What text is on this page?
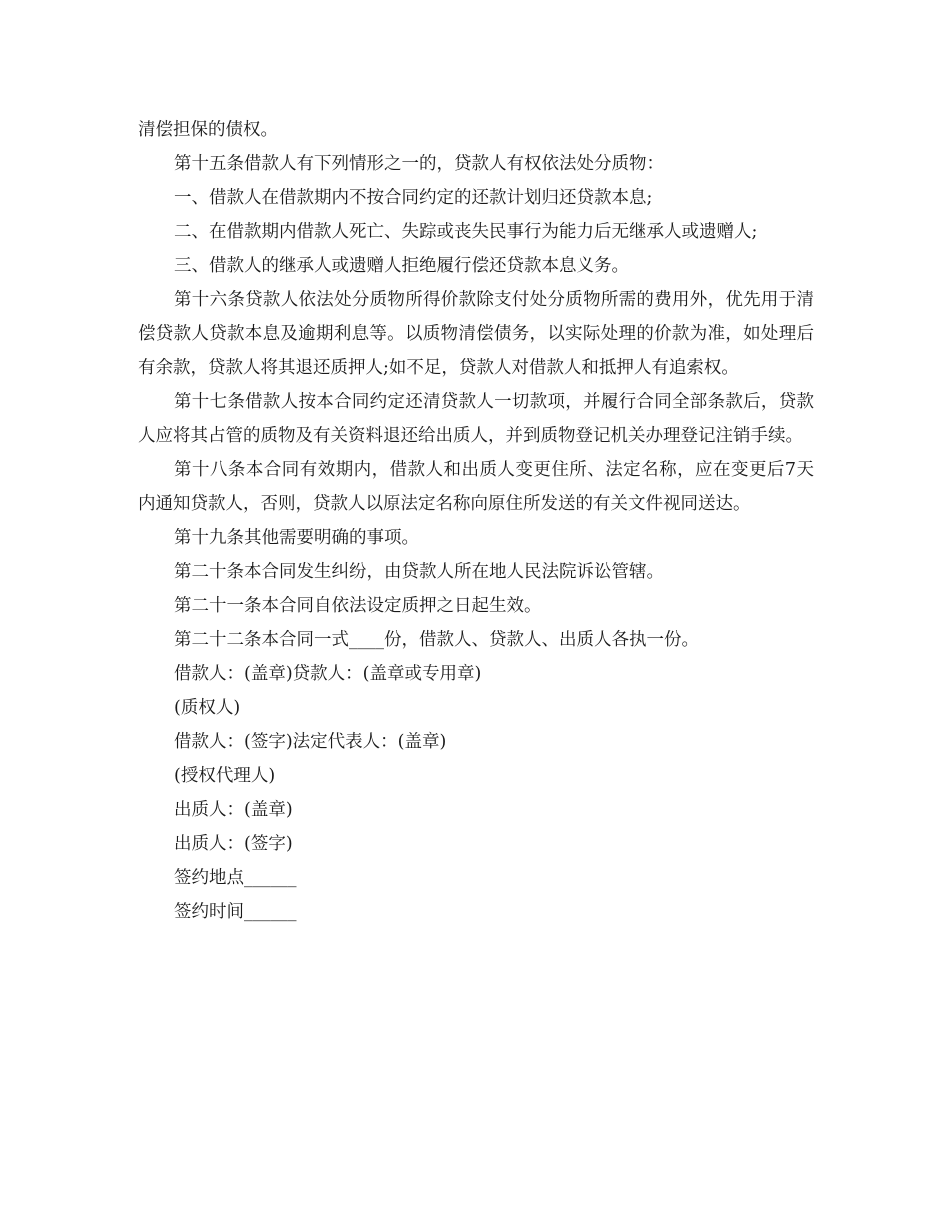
清偿担保的债权。

第十五条借款人有下列情形之一的，贷款人有权依法处分质物：

一、借款人在借款期内不按合同约定的还款计划归还贷款本息;

二、在借款期内借款人死亡、失踪或丧失民事行为能力后无继承人或遗赠人;

三、借款人的继承人或遗赠人拒绝履行偿还贷款本息义务。

第十六条贷款人依法处分质物所得价款除支付处分质物所需的费用外，优先用于清偿贷款人贷款本息及逾期利息等。以质物清偿债务，以实际处理的价款为准，如处理后有余款，贷款人将其退还质押人;如不足，贷款人对借款人和抵押人有追索权。

第十七条借款人按本合同约定还清贷款人一切款项，并履行合同全部条款后，贷款人应将其占管的质物及有关资料退还给出质人，并到质物登记机关办理登记注销手续。

第十八条本合同有效期内，借款人和出质人变更住所、法定名称，应在变更后7天内通知贷款人，否则，贷款人以原法定名称向原住所发送的有关文件视同送达。

第十九条其他需要明确的事项。

第二十条本合同发生纠纷，由贷款人所在地人民法院诉讼管辖。

第二十一条本合同自依法设定质押之日起生效。

第二十二条本合同一式____份，借款人、贷款人、出质人各执一份。

借款人：(盖章)贷款人：(盖章或专用章)

(质权人)

借款人：(签字)法定代表人：(盖章)

(授权代理人)

出质人：(盖章)

出质人：(签字)

签约地点______

签约时间______
